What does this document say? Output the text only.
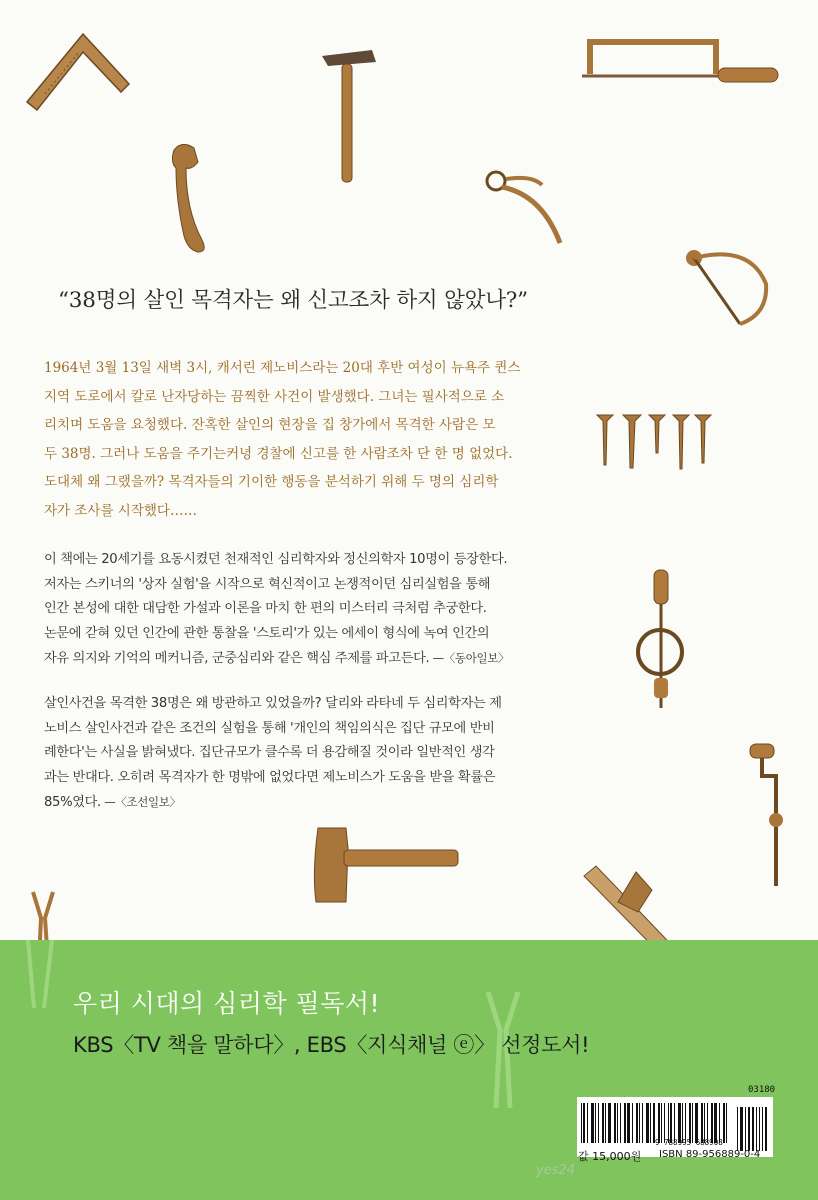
“38명의 살인 목격자는 왜 신고조차 하지 않았나?”
1964년 3월 13일 새벽 3시, 캐서린 제노비스라는 20대 후반 여성이 뉴욕주 퀸스
지역 도로에서 칼로 난자당하는 끔찍한 사건이 발생했다. 그녀는 필사적으로 소
리치며 도움을 요청했다. 잔혹한 살인의 현장을 집 창가에서 목격한 사람은 모
두 38명. 그러나 도움을 주기는커녕 경찰에 신고를 한 사람조차 단 한 명 없었다.
도대체 왜 그랬을까? 목격자들의 기이한 행동을 분석하기 위해 두 명의 심리학
자가 조사를 시작했다……
이 책에는 20세기를 요동시켰던 천재적인 심리학자와 정신의학자 10명이 등장한다.
저자는 스키너의 '상자 실험'을 시작으로 혁신적이고 논쟁적이던 심리실험을 통해
인간 본성에 대한 대담한 가설과 이론을 마치 한 편의 미스터리 극처럼 추궁한다.
논문에 갇혀 있던 인간에 관한 통찰을 '스토리'가 있는 에세이 형식에 녹여 인간의
자유 의지와 기억의 메커니즘, 군중심리와 같은 핵심 주제를 파고든다. —〈동아일보〉
살인사건을 목격한 38명은 왜 방관하고 있었을까? 달리와 라타네 두 심리학자는 제
노비스 살인사건과 같은 조건의 실험을 통해 '개인의 책임의식은 집단 규모에 반비
례한다'는 사실을 밝혀냈다. 집단규모가 클수록 더 용감해질 것이라 일반적인 생각
과는 반대다. 오히려 목격자가 한 명밖에 없었다면 제노비스가 도움을 받을 확률은
85%였다. —〈조선일보〉
우리 시대의 심리학 필독서!
KBS〈TV 책을 말하다〉, EBS〈지식채널 ⓔ〉 선정도서!
03180
9 788995 688908
값 15,000원 ISBN 89-956889-0-4
yes24
